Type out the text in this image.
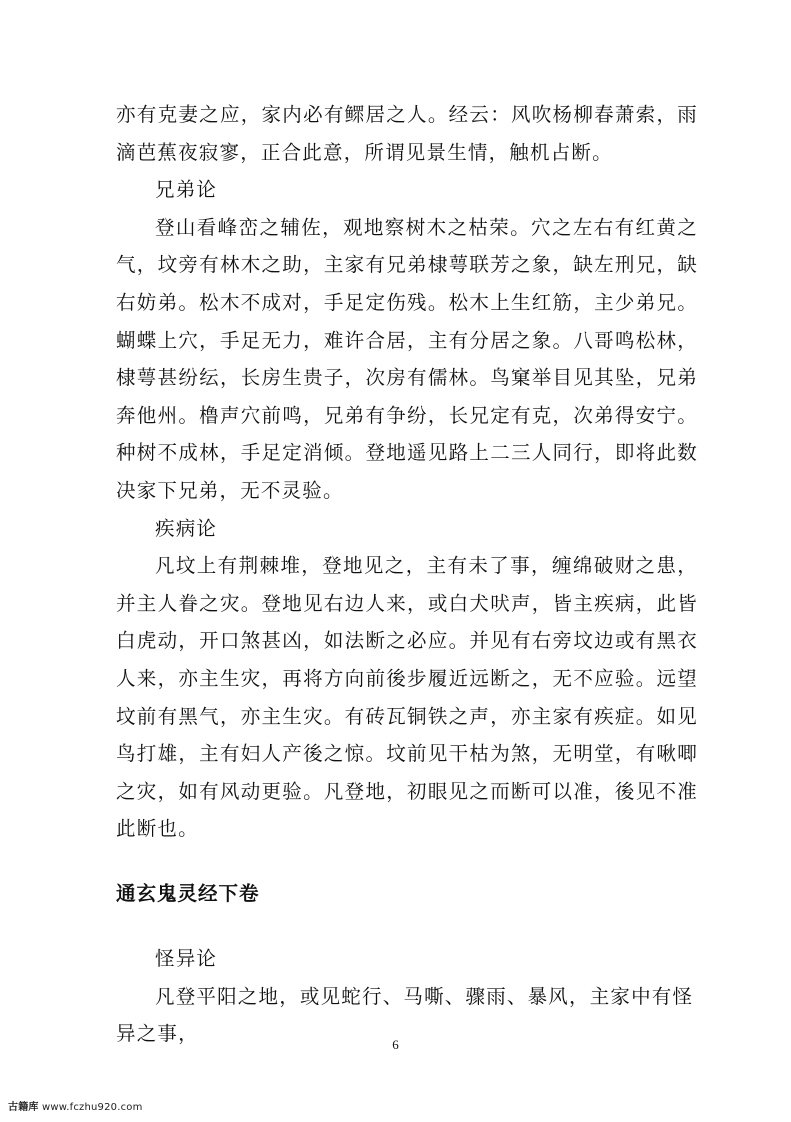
亦有克妻之应，家内必有鳏居之人。经云：风吹杨柳春萧索，雨滴芭蕉夜寂寥，正合此意，所谓见景生情，触机占断。

兄弟论

登山看峰峦之辅佐，观地察树木之枯荣。穴之左右有红黄之气，坟旁有林木之助，主家有兄弟棣萼联芳之象，缺左刑兄，缺右妨弟。松木不成对，手足定伤残。松木上生红筋，主少弟兄。蝴蝶上穴，手足无力，难许合居，主有分居之象。八哥鸣松林，棣萼甚纷纭，长房生贵子，次房有儒林。鸟窠举目见其坠，兄弟奔他州。橹声穴前鸣，兄弟有争纷，长兄定有克，次弟得安宁。种树不成林，手足定消倾。登地遥见路上二三人同行，即将此数决家下兄弟，无不灵验。

疾病论

凡坟上有荆棘堆，登地见之，主有未了事，缠绵破财之患，并主人眷之灾。登地见右边人来，或白犬吠声，皆主疾病，此皆白虎动，开口煞甚凶，如法断之必应。并见有右旁坟边或有黑衣人来，亦主生灾，再将方向前後步履近远断之，无不应验。远望坟前有黑气，亦主生灾。有砖瓦铜铁之声，亦主家有疾症。如见鸟打雄，主有妇人产後之惊。坟前见干枯为煞，无明堂，有啾唧之灾，如有风动更验。凡登地，初眼见之而断可以准，後见不准此断也。

通玄鬼灵经下卷

怪异论

凡登平阳之地，或见蛇行、马嘶、骤雨、暴风，主家中有怪异之事，	6
古籍库 www.fczhu920.com
